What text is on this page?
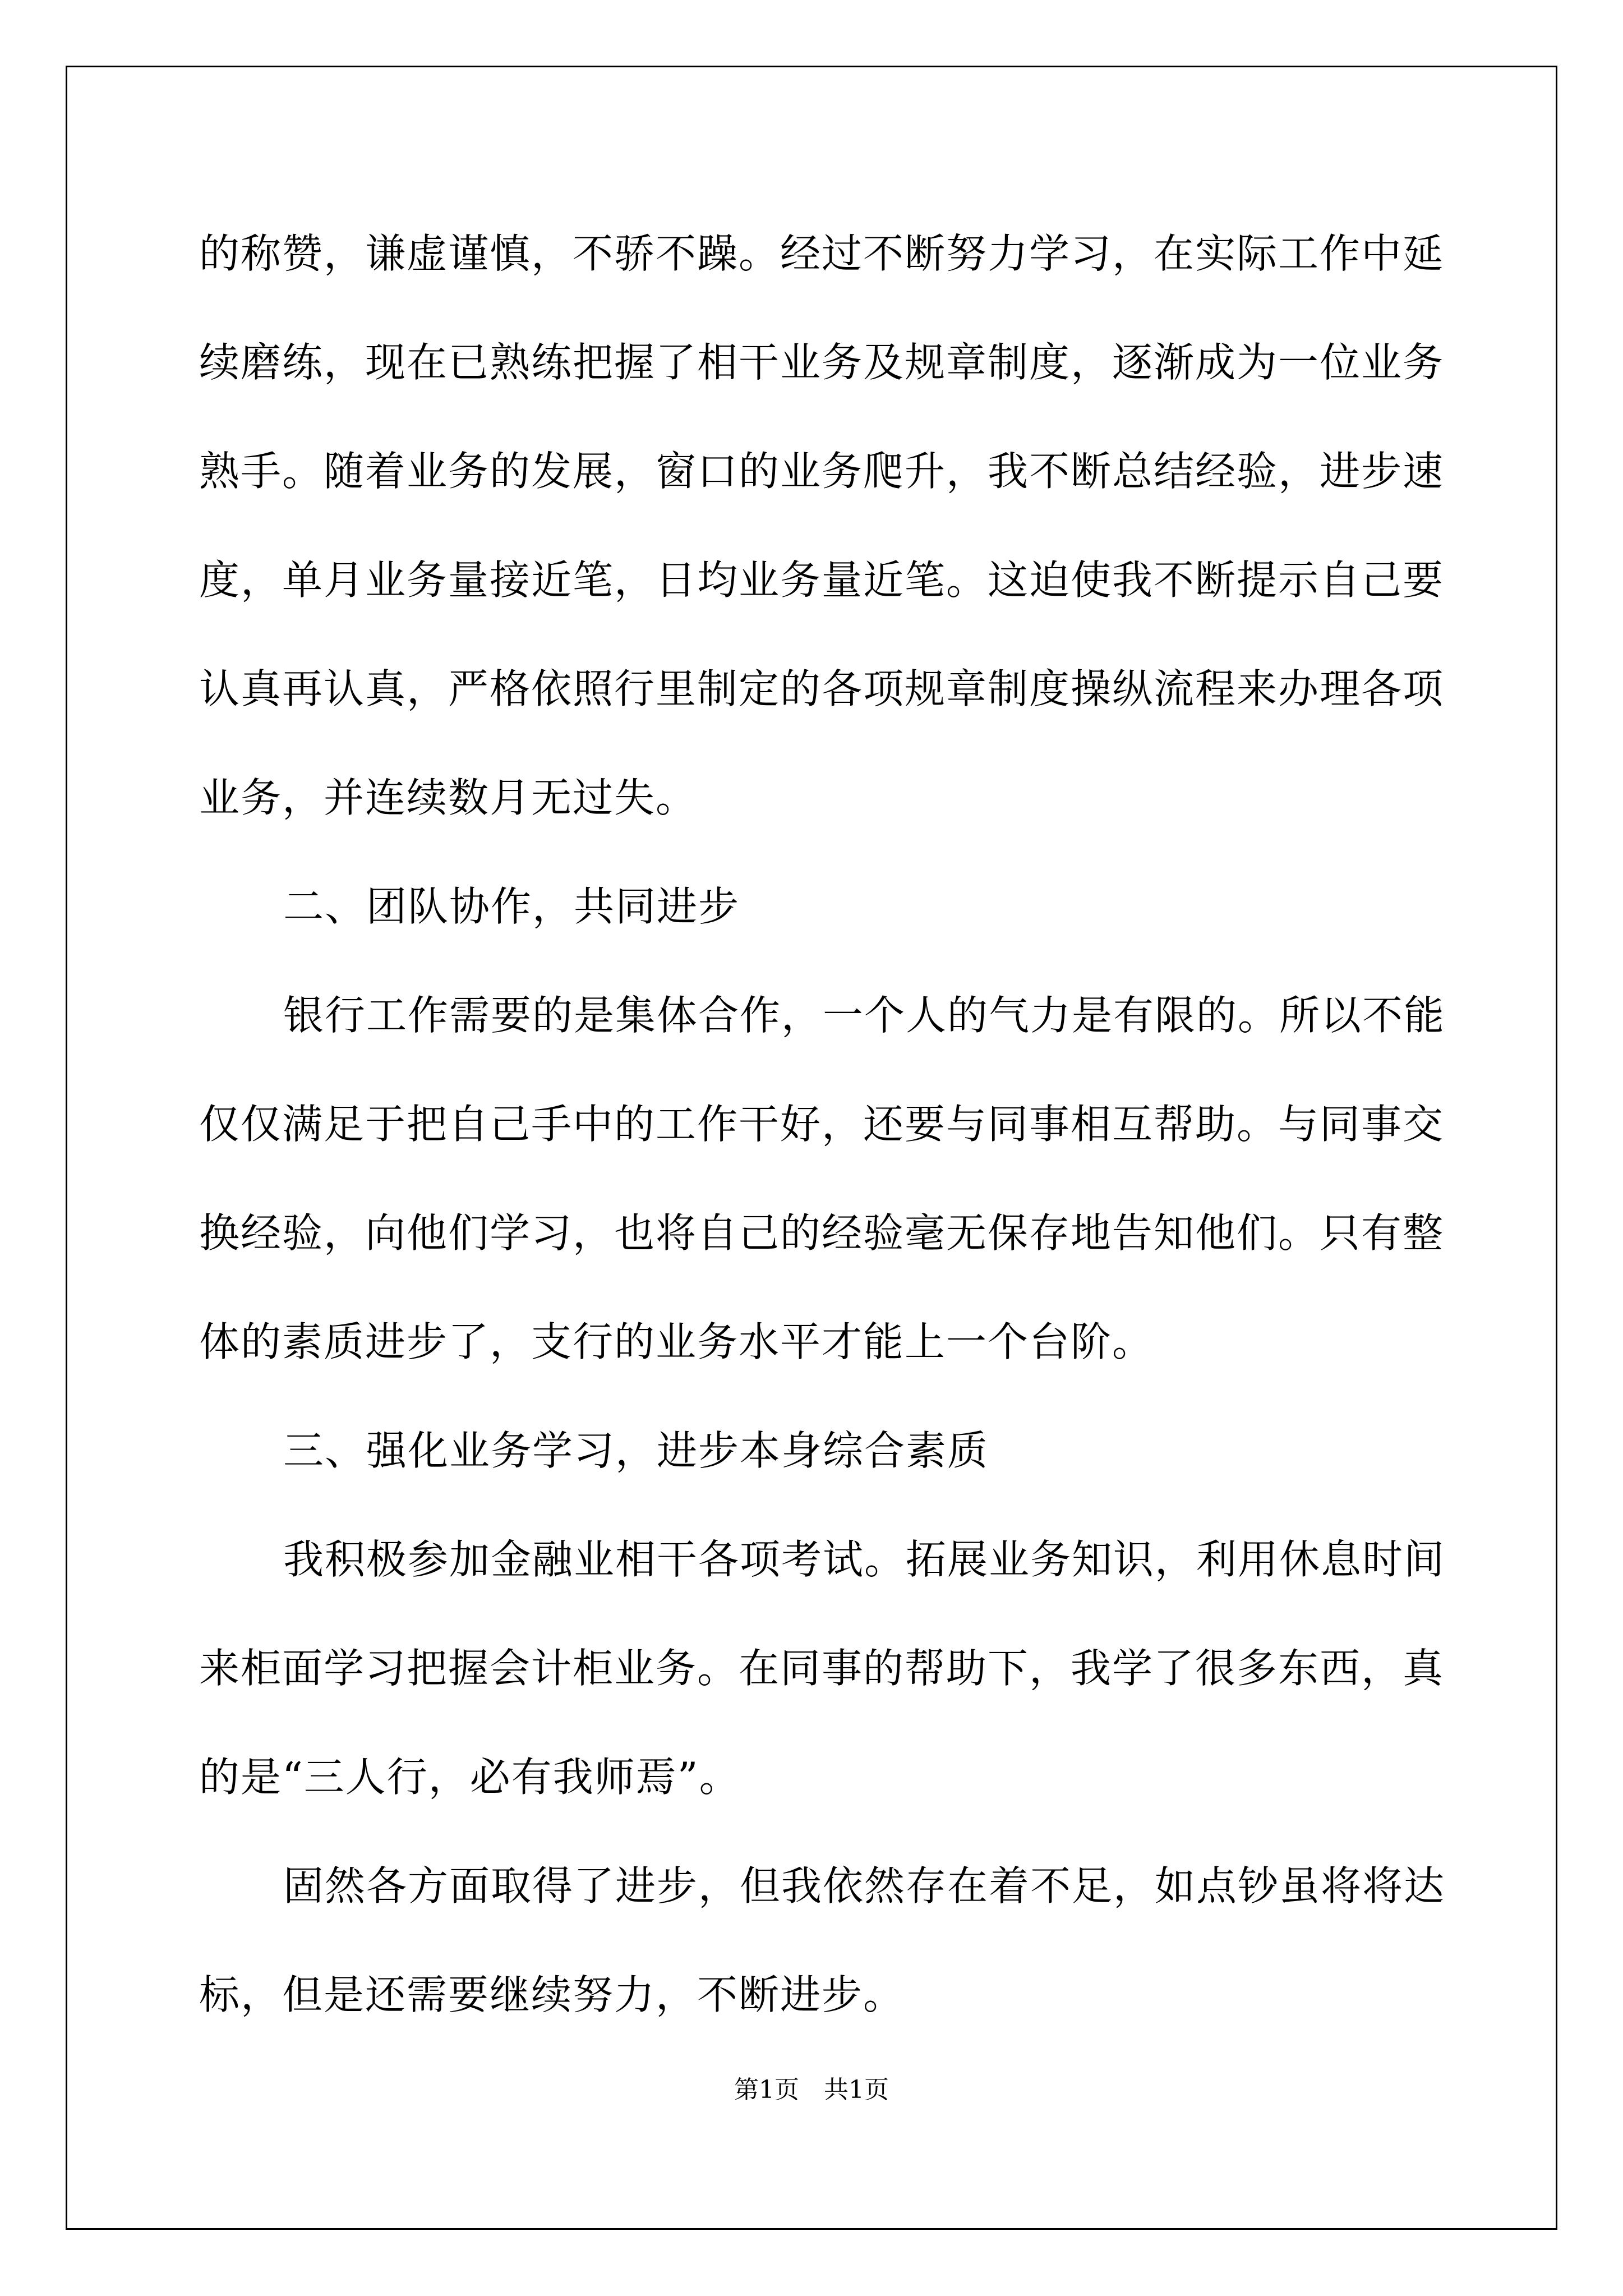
的称赞，谦虚谨慎，不骄不躁。经过不断努力学习，在实际工作中延
续磨练，现在已熟练把握了相干业务及规章制度，逐渐成为一位业务
熟手。随着业务的发展，窗口的业务爬升，我不断总结经验，进步速
度，单月业务量接近笔，日均业务量近笔。这迫使我不断提示自己要
认真再认真，严格依照行里制定的各项规章制度操纵流程来办理各项
业务，并连续数月无过失。
二、团队协作，共同进步
银行工作需要的是集体合作，一个人的气力是有限的。所以不能
仅仅满足于把自己手中的工作干好，还要与同事相互帮助。与同事交
换经验，向他们学习，也将自己的经验毫无保存地告知他们。只有整
体的素质进步了，支行的业务水平才能上一个台阶。
三、强化业务学习，进步本身综合素质
我积极参加金融业相干各项考试。拓展业务知识，利用休息时间
来柜面学习把握会计柜业务。在同事的帮助下，我学了很多东西，真
的是“三人行，必有我师焉”。
固然各方面取得了进步，但我依然存在着不足，如点钞虽将将达
标，但是还需要继续努力，不断进步。
第1页　共1页
